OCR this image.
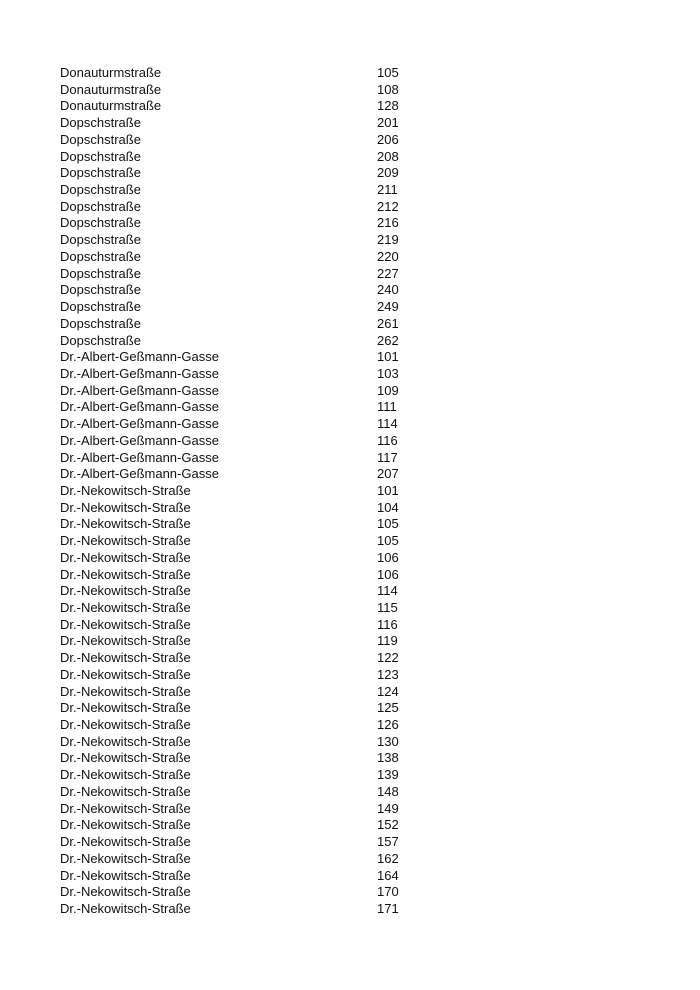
Donauturmstraße	105
Donauturmstraße	108
Donauturmstraße	128
Dopschstraße	201
Dopschstraße	206
Dopschstraße	208
Dopschstraße	209
Dopschstraße	211
Dopschstraße	212
Dopschstraße	216
Dopschstraße	219
Dopschstraße	220
Dopschstraße	227
Dopschstraße	240
Dopschstraße	249
Dopschstraße	261
Dopschstraße	262
Dr.-Albert-Geßmann-Gasse	101
Dr.-Albert-Geßmann-Gasse	103
Dr.-Albert-Geßmann-Gasse	109
Dr.-Albert-Geßmann-Gasse	111
Dr.-Albert-Geßmann-Gasse	114
Dr.-Albert-Geßmann-Gasse	116
Dr.-Albert-Geßmann-Gasse	117
Dr.-Albert-Geßmann-Gasse	207
Dr.-Nekowitsch-Straße	101
Dr.-Nekowitsch-Straße	104
Dr.-Nekowitsch-Straße	105
Dr.-Nekowitsch-Straße	105
Dr.-Nekowitsch-Straße	106
Dr.-Nekowitsch-Straße	106
Dr.-Nekowitsch-Straße	114
Dr.-Nekowitsch-Straße	115
Dr.-Nekowitsch-Straße	116
Dr.-Nekowitsch-Straße	119
Dr.-Nekowitsch-Straße	122
Dr.-Nekowitsch-Straße	123
Dr.-Nekowitsch-Straße	124
Dr.-Nekowitsch-Straße	125
Dr.-Nekowitsch-Straße	126
Dr.-Nekowitsch-Straße	130
Dr.-Nekowitsch-Straße	138
Dr.-Nekowitsch-Straße	139
Dr.-Nekowitsch-Straße	148
Dr.-Nekowitsch-Straße	149
Dr.-Nekowitsch-Straße	152
Dr.-Nekowitsch-Straße	157
Dr.-Nekowitsch-Straße	162
Dr.-Nekowitsch-Straße	164
Dr.-Nekowitsch-Straße	170
Dr.-Nekowitsch-Straße	171
